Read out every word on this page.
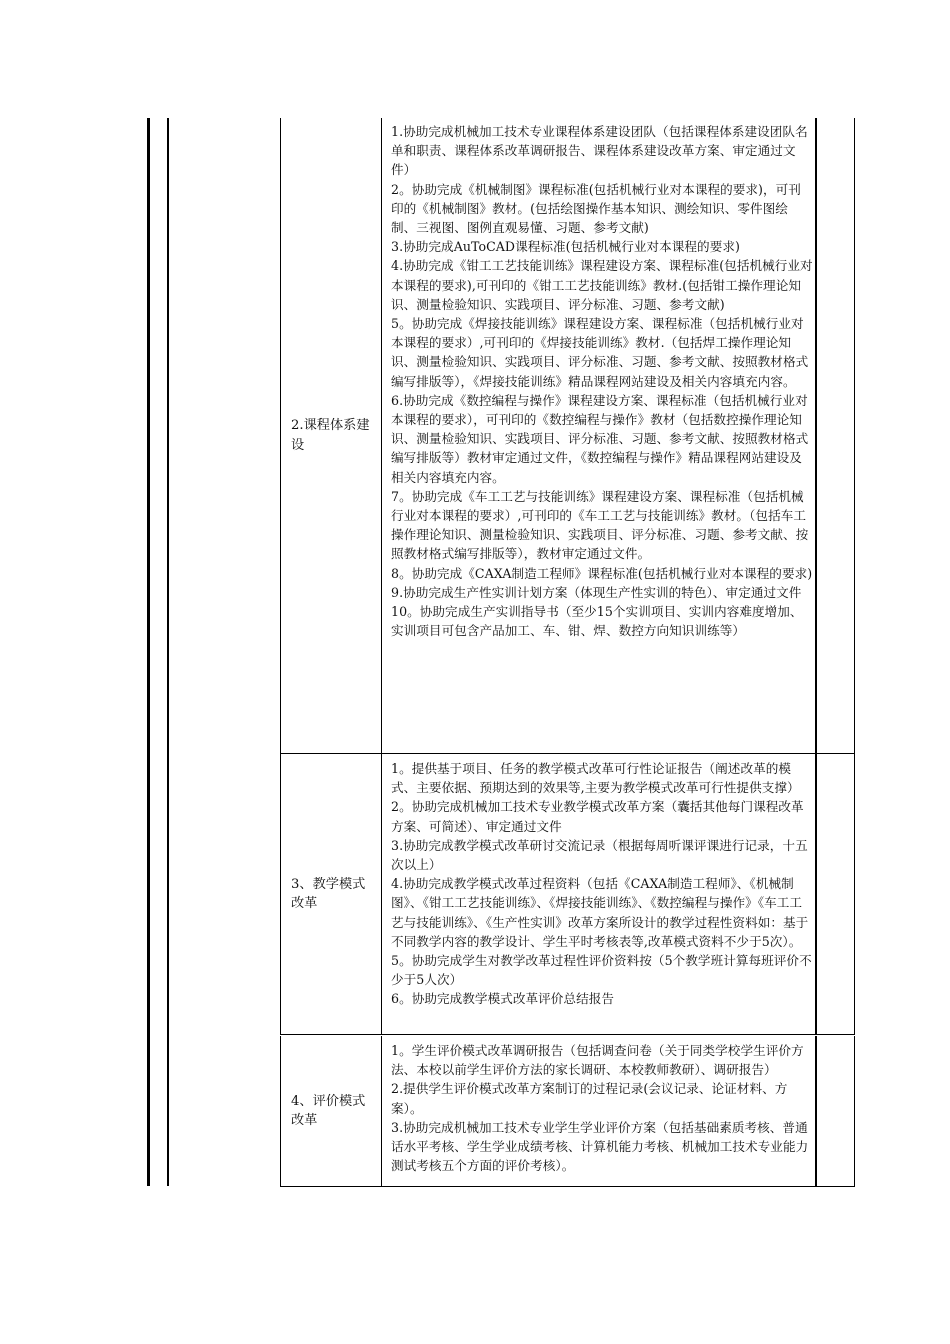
2.课程体系建设

1.协助完成机械加工技术专业课程体系建设团队（包括课程体系建设团队名单和职责、课程体系改革调研报告、课程体系建设改革方案、审定通过文件）

2。协助完成《机械制图》课程标准(包括机械行业对本课程的要求)，可刊印的《机械制图》教材。(包括绘图操作基本知识、测绘知识、零件图绘制、三视图、图例直观易懂、习题、参考文献)

3.协助完成AuToCAD课程标准(包括机械行业对本课程的要求)

4.协助完成《钳工工艺技能训练》课程建设方案、课程标准(包括机械行业对本课程的要求),可刊印的《钳工工艺技能训练》教材.(包括钳工操作理论知识、测量检验知识、实践项目、评分标准、习题、参考文献)

5。协助完成《焊接技能训练》课程建设方案、课程标准（包括机械行业对本课程的要求）,可刊印的《焊接技能训练》教材.（包括焊工操作理论知识、测量检验知识、实践项目、评分标准、习题、参考文献、按照教材格式编写排版等），《焊接技能训练》精品课程网站建设及相关内容填充内容。

6.协助完成《数控编程与操作》课程建设方案、课程标准（包括机械行业对本课程的要求），可刊印的《数控编程与操作》教材（包括数控操作理论知识、测量检验知识、实践项目、评分标准、习题、参考文献、按照教材格式编写排版等）教材审定通过文件，《数控编程与操作》精品课程网站建设及相关内容填充内容。

7。协助完成《车工工艺与技能训练》课程建设方案、课程标准（包括机械行业对本课程的要求）,可刊印的《车工工艺与技能训练》教材。（包括车工操作理论知识、测量检验知识、实践项目、评分标准、习题、参考文献、按照教材格式编写排版等），教材审定通过文件。

8。协助完成《CAXA制造工程师》课程标准(包括机械行业对本课程的要求)

9.协助完成生产性实训计划方案（体现生产性实训的特色）、审定通过文件

10。协助完成生产实训指导书（至少15个实训项目、实训内容难度增加、实训项目可包含产品加工、车、钳、焊、数控方向知识训练等）

3、教学模式改革

1。提供基于项目、任务的教学模式改革可行性论证报告（阐述改革的模式、主要依据、预期达到的效果等,主要为教学模式改革可行性提供支撑）

2。协助完成机械加工技术专业教学模式改革方案（囊括其他每门课程改革方案、可简述）、审定通过文件

3.协助完成教学模式改革研讨交流记录（根据每周听课评课进行记录，十五次以上）

4.协助完成教学模式改革过程资料（包括《CAXA制造工程师》、《机械制图》、《钳工工艺技能训练》、《焊接技能训练》、《数控编程与操作》《车工工艺与技能训练》、《生产性实训》改革方案所设计的教学过程性资料如：基于不同教学内容的教学设计、学生平时考核表等,改革模式资料不少于5次）。

5。协助完成学生对教学改革过程性评价资料按（5个教学班计算每班评价不少于5人次）

6。协助完成教学模式改革评价总结报告

4、评价模式改革

1。学生评价模式改革调研报告（包括调查问卷（关于同类学校学生评价方法、本校以前学生评价方法的家长调研、本校教师教研）、调研报告）

2.提供学生评价模式改革方案制订的过程记录(会议记录、论证材料、方案）。

3.协助完成机械加工技术专业学生学业评价方案（包括基础素质考核、普通话水平考核、学生学业成绩考核、计算机能力考核、机械加工技术专业能力测试考核五个方面的评价考核）。
